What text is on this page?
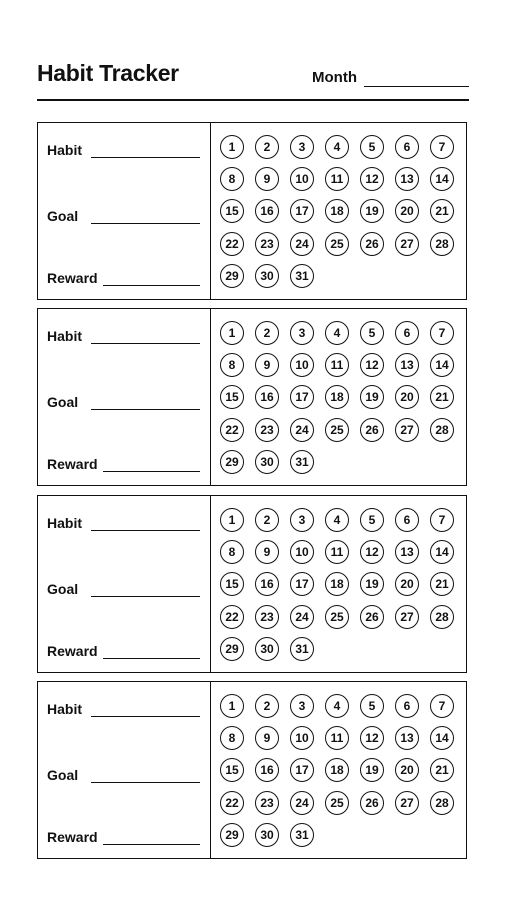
Habit Tracker	Month
Habit
Goal
Reward
1	2	3	4	5	6	7
8	9	10	11	12	13	14
15	16	17	18	19	20	21
22	23	24	25	26	27	28
29	30	31
Habit
Goal
Reward
1	2	3	4	5	6	7
8	9	10	11	12	13	14
15	16	17	18	19	20	21
22	23	24	25	26	27	28
29	30	31
Habit
Goal
Reward
1	2	3	4	5	6	7
8	9	10	11	12	13	14
15	16	17	18	19	20	21
22	23	24	25	26	27	28
29	30	31
Habit
Goal
Reward
1	2	3	4	5	6	7
8	9	10	11	12	13	14
15	16	17	18	19	20	21
22	23	24	25	26	27	28
29	30	31
